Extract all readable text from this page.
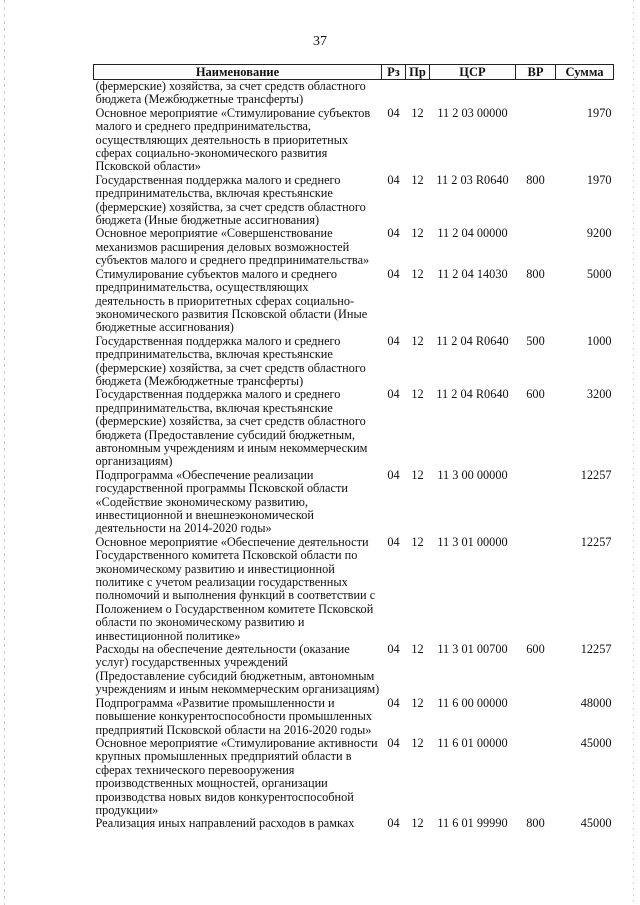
37
Наименование	Рз	Пр	ЦСР	ВР	Сумма
(фермерские) хозяйства, за счет средств областного бюджета (Межбюджетные трансферты)					
Основное мероприятие «Стимулирование субъектов малого и среднего предпринимательства, осуществляющих деятельность в приоритетных сферах социально-экономического развития Псковской области»	04	12	11 2 03 00000		1970
Государственная поддержка малого и среднего предпринимательства, включая крестьянские (фермерские) хозяйства, за счет средств областного бюджета (Иные бюджетные ассигнования)	04	12	11 2 03 R0640	800	1970
Основное мероприятие «Совершенствование механизмов расширения деловых возможностей субъектов малого и среднего предпринимательства»	04	12	11 2 04 00000		9200
Стимулирование субъектов малого и среднего предпринимательства, осуществляющих деятельность в приоритетных сферах социально-экономического развития Псковской области (Иные бюджетные ассигнования)	04	12	11 2 04 14030	800	5000
Государственная поддержка малого и среднего предпринимательства, включая крестьянские (фермерские) хозяйства, за счет средств областного бюджета (Межбюджетные трансферты)	04	12	11 2 04 R0640	500	1000
Государственная поддержка малого и среднего предпринимательства, включая крестьянские (фермерские) хозяйства, за счет средств областного бюджета (Предоставление субсидий бюджетным, автономным учреждениям и иным некоммерческим организациям)	04	12	11 2 04 R0640	600	3200
Подпрограмма «Обеспечение реализации государственной программы Псковской области «Содействие экономическому развитию, инвестиционной и внешнеэкономической деятельности на 2014-2020 годы»	04	12	11 3 00 00000		12257
Основное мероприятие «Обеспечение деятельности Государственного комитета Псковской области по экономическому развитию и инвестиционной политике с учетом реализации государственных полномочий и выполнения функций в соответствии с Положением о Государственном комитете Псковской области по экономическому развитию и инвестиционной политике»	04	12	11 3 01 00000		12257
Расходы на обеспечение деятельности (оказание услуг) государственных учреждений (Предоставление субсидий бюджетным, автономным учреждениям и иным некоммерческим организациям)	04	12	11 3 01 00700	600	12257
Подпрограмма «Развитие промышленности и повышение конкурентоспособности промышленных предприятий Псковской области на 2016-2020 годы»	04	12	11 6 00 00000		48000
Основное мероприятие «Стимулирование активности крупных промышленных предприятий области в сферах технического перевооружения производственных мощностей, организации производства новых видов конкурентоспособной продукции»	04	12	11 6 01 00000		45000
Реализация иных направлений расходов в рамках	04	12	11 6 01 99990	800	45000
